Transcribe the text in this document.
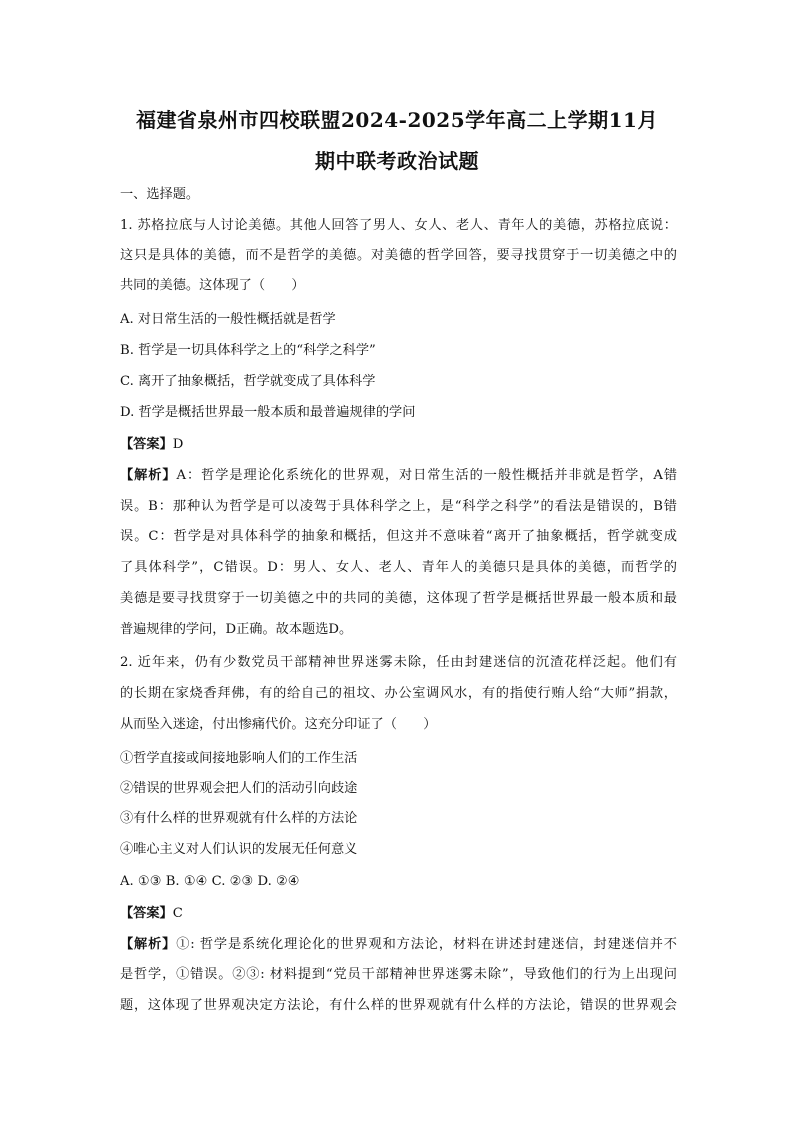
福建省泉州市四校联盟2024-2025学年高二上学期11月
期中联考政治试题
一、选择题。
1. 苏格拉底与人讨论美德。其他人回答了男人、女人、老人、青年人的美德，苏格拉底说：
这只是具体的美德，而不是哲学的美德。对美德的哲学回答，要寻找贯穿于一切美德之中的
共同的美德。这体现了（　　）
A. 对日常生活的一般性概括就是哲学
B. 哲学是一切具体科学之上的“科学之科学”
C. 离开了抽象概括，哲学就变成了具体科学
D. 哲学是概括世界最一般本质和最普遍规律的学问
【答案】D
【解析】A：哲学是理论化系统化的世界观，对日常生活的一般性概括并非就是哲学，A错
误。B：那种认为哲学是可以凌驾于具体科学之上，是“科学之科学”的看法是错误的，B错
误。C：哲学是对具体科学的抽象和概括，但这并不意味着“离开了抽象概括，哲学就变成
了具体科学”，C错误。D：男人、女人、老人、青年人的美德只是具体的美德，而哲学的
美德是要寻找贯穿于一切美德之中的共同的美德，这体现了哲学是概括世界最一般本质和最
普遍规律的学问，D正确。故本题选D。
2. 近年来，仍有少数党员干部精神世界迷雾未除，任由封建迷信的沉渣花样泛起。他们有
的长期在家烧香拜佛，有的给自己的祖坟、办公室调风水，有的指使行贿人给“大师”捐款，
从而坠入迷途，付出惨痛代价。这充分印证了（　　）
①哲学直接或间接地影响人们的工作生活
②错误的世界观会把人们的活动引向歧途
③有什么样的世界观就有什么样的方法论
④唯心主义对人们认识的发展无任何意义
A. ①③ B. ①④ C. ②③ D. ②④
【答案】C
【解析】①: 哲学是系统化理论化的世界观和方法论，材料在讲述封建迷信，封建迷信并不
是哲学，①错误。②③: 材料提到“党员干部精神世界迷雾未除”，导致他们的行为上出现问
题，这体现了世界观决定方法论，有什么样的世界观就有什么样的方法论，错误的世界观会
